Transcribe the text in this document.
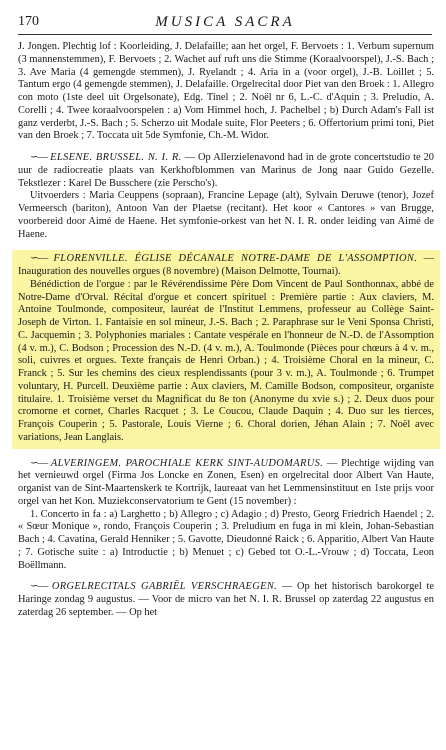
170	MUSICA SACRA

J. Jongen. Plechtig lof : Koorleiding, J. Delafaille; aan het orgel, F. Bervoets : 1. Verbum supernum (3 mannenstemmen), F. Bervoets ; 2. Wachet auf ruft uns die Stimme (Koraalvoorspel), J.-S. Bach ; 3. Ave Maria (4 gemengde stemmen), J. Ryelandt ; 4. Aria in a (voor orgel), J.-B. Loillet ; 5. Tantum ergo (4 gemengde stemmen), J. Delafaille. Orgelrecital door Piet van den Broek : 1. Allegro con moto (1ste deel uit Orgelsonate), Edg. Tinel ; 2. Noël nr 6, L.-C. d'Aquin ; 3. Preludio, A. Corelli ; 4. Twee koraalvoorspelen : a) Vom Himmel hoch, J. Pachelbel ; b) Durch Adam's Fall ist ganz verderbt, J.-S. Bach ; 5. Scherzo uit Modale suite, Flor Peeters ; 6. Offertorium primi toni, Piet van den Broek ; 7. Toccata uit 5de Symfonie, Ch.-M. Widor.

∽— ELSENE. BRUSSEL. N. I. R. — Op Allerzielenavond had in de grote concertstudio te 20 uur de radiocreatie plaats van Kerkhofblommen van Marinus de Jong naar Guido Gezelle. Tekstlezer : Karel De Busschere (zie Perscho's).

Uitvoerders : Maria Ceuppens (sopraan), Francine Lepage (alt), Sylvain Deruwe (tenor), Jozef Vermeersch (bariton), Antoon Van der Plaetse (recitant). Het koor « Cantores » van Brugge, voorbereid door Aimé de Haene. Het symfonie-orkest van het N. I. R. onder leiding van Aimé de Haene.

∽— FLORENVILLE. ÉGLISE DÉCANALE NOTRE-DAME DE L'ASSOMPTION. — Inauguration des nouvelles orgues (8 novembre) (Maison Delmotte, Tournai).

Bénédiction de l'orgue : par le Révérendissime Père Dom Vincent de Paul Sonthonnax, abbé de Notre-Dame d'Orval. Récital d'orgue et concert spirituel : Première partie : Aux claviers, M. Antoine Toulmonde, compositeur, lauréat de l'Institut Lemmens, professeur au Collège Saint-Joseph de Virton. 1. Fantaisie en sol mineur, J.-S. Bach ; 2. Paraphrase sur le Veni Sponsa Christi, C. Jacquemin ; 3. Polyphonies mariales : Cantate vespérale en l'honneur de N.-D. de l'Assomption (4 v. m.), C. Bodson ; Procession des N.-D. (4 v. m.), A. Toulmonde (Pièces pour chœurs à 4 v. m., soli, cuivres et orgues. Texte français de Henri Orban.) ; 4. Troisième Choral en la mineur, C. Franck ; 5. Sur les chemins des cieux resplendissants (pour 3 v. m.), A. Toulmonde ; 6. Trumpet voluntary, H. Purcell. Deuxième partie : Aux claviers, M. Camille Bodson, compositeur, organiste titulaire. 1. Troisième verset du Magnificat du 8e ton (Anonyme du xvie s.) ; 2. Deux duos pour cromorne et cornet, Charles Racquet ; 3. Le Coucou, Claude Daquin ; 4. Duo sur les tierces, François Couperin ; 5. Pastorale, Louis Vierne ; 6. Choral dorien, Jéhan Alain ; 7. Noël avec variations, Jean Langlais.

∽— ALVERINGEM. PAROCHIALE KERK SINT-AUDOMARUS. — Plechtige wijding van het vernieuwd orgel (Firma Jos Loncke en Zonen, Esen) en orgelrecital door Albert Van Haute, organist van de Sint-Maartenskerk te Kortrijk, laureaat van het Lemmensinstituut en 1ste prijs voor orgel van het Kon. Muziekconservatorium te Gent (15 november) :

1. Concerto in fa : a) Larghetto ; b) Allegro ; c) Adagio ; d) Presto, Georg Friedrich Haendel ; 2. « Sœur Monique », rondo, François Couperin ; 3. Preludium en fuga in mi klein, Johan-Sebastian Bach ; 4. Cavatina, Gerald Henniker ; 5. Gavotte, Dieudonné Raick ; 6. Apparitio, Albert Van Haute ; 7. Gotische suite : a) Introductie ; b) Menuet ; c) Gebed tot O.-L.-Vrouw ; d) Toccata, Leon Boëllmann.

∽— ORGELRECITALS GABRIËL VERSCHRAEGEN. — Op het historisch barokorgel te Haringe zondag 9 augustus. — Voor de micro van het N. I. R. Brussel op zaterdag 22 augustus en zaterdag 26 september. — Op het
